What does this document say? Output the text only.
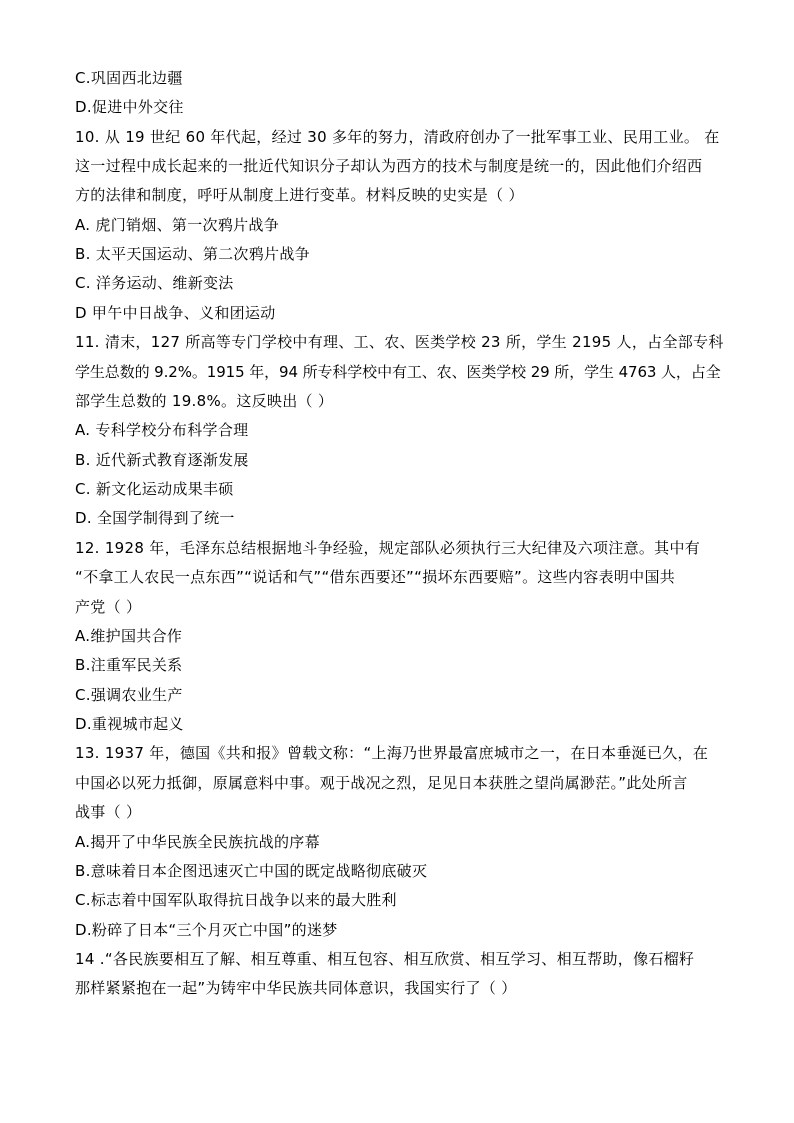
C.巩固西北边疆
D.促进中外交往
10. 从 19 世纪 60 年代起，经过 30 多年的努力，清政府创办了一批军事工业、民用工业。 在
这一过程中成长起来的一批近代知识分子却认为西方的技术与制度是统一的，因此他们介绍西
方的法律和制度，呼吁从制度上进行变革。材料反映的史实是（ ）
A. 虎门销烟、第一次鸦片战争
B. 太平天国运动、第二次鸦片战争
C. 洋务运动、维新变法
D 甲午中日战争、义和团运动
11. 清末，127 所高等专门学校中有理、工、农、医类学校 23 所，学生 2195 人，占全部专科
学生总数的 9.2%。1915 年，94 所专科学校中有工、农、医类学校 29 所，学生 4763 人，占全
部学生总数的 19.8%。这反映出（ ）
A. 专科学校分布科学合理
B. 近代新式教育逐渐发展
C. 新文化运动成果丰硕
D. 全国学制得到了统一
12. 1928 年，毛泽东总结根据地斗争经验，规定部队必须执行三大纪律及六项注意。其中有
“不拿工人农民一点东西”“说话和气”“借东西要还”“损坏东西要赔”。这些内容表明中国共
产党（ ）
A.维护国共合作
B.注重军民关系
C.强调农业生产
D.重视城市起义
13. 1937 年，德国《共和报》曾载文称：“上海乃世界最富庶城市之一，在日本垂涎已久，在
中国必以死力抵御，原属意料中事。观于战况之烈，足见日本获胜之望尚属渺茫。”此处所言
战事（ ）
A.揭开了中华民族全民族抗战的序幕
B.意味着日本企图迅速灭亡中国的既定战略彻底破灭
C.标志着中国军队取得抗日战争以来的最大胜利
D.粉碎了日本“三个月灭亡中国”的迷梦
14 .“各民族要相互了解、相互尊重、相互包容、相互欣赏、相互学习、相互帮助，像石榴籽
那样紧紧抱在一起”为铸牢中华民族共同体意识，我国实行了（ ）
